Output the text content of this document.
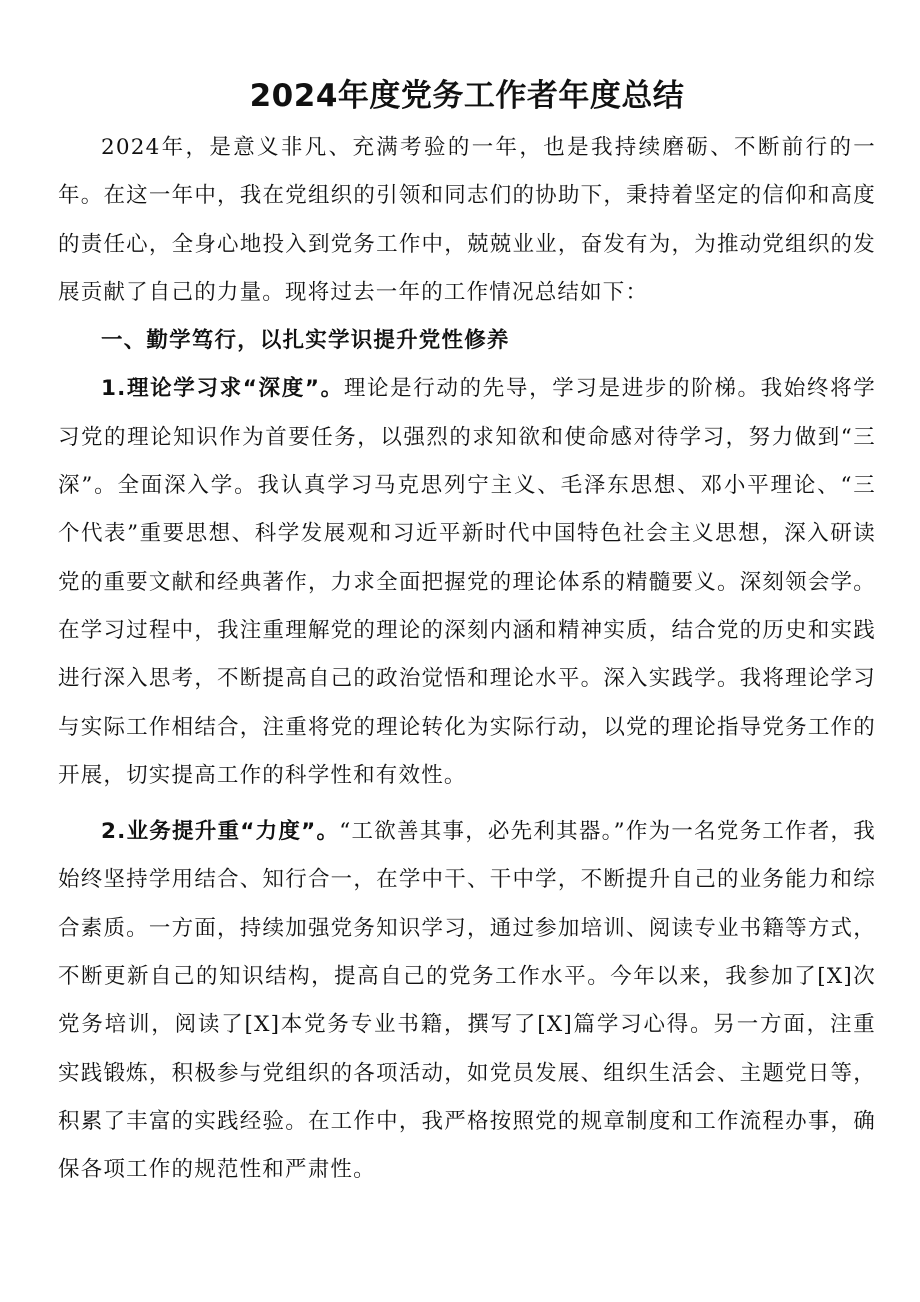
2024年度党务工作者年度总结

2024年，是意义非凡、充满考验的一年，也是我持续磨砺、不断前行的一年。在这一年中，我在党组织的引领和同志们的协助下，秉持着坚定的信仰和高度的责任心，全身心地投入到党务工作中，兢兢业业，奋发有为，为推动党组织的发展贡献了自己的力量。现将过去一年的工作情况总结如下：

一、勤学笃行，以扎实学识提升党性修养

1.理论学习求“深度”。理论是行动的先导，学习是进步的阶梯。我始终将学习党的理论知识作为首要任务，以强烈的求知欲和使命感对待学习，努力做到“三深”。全面深入学。我认真学习马克思列宁主义、毛泽东思想、邓小平理论、“三个代表”重要思想、科学发展观和习近平新时代中国特色社会主义思想，深入研读党的重要文献和经典著作，力求全面把握党的理论体系的精髓要义。深刻领会学。在学习过程中，我注重理解党的理论的深刻内涵和精神实质，结合党的历史和实践进行深入思考，不断提高自己的政治觉悟和理论水平。深入实践学。我将理论学习与实际工作相结合，注重将党的理论转化为实际行动，以党的理论指导党务工作的开展，切实提高工作的科学性和有效性。

2.业务提升重“力度”。“工欲善其事，必先利其器。”作为一名党务工作者，我始终坚持学用结合、知行合一，在学中干、干中学，不断提升自己的业务能力和综合素质。一方面，持续加强党务知识学习，通过参加培训、阅读专业书籍等方式，不断更新自己的知识结构，提高自己的党务工作水平。今年以来，我参加了[X]次党务培训，阅读了[X]本党务专业书籍，撰写了[X]篇学习心得。另一方面，注重实践锻炼，积极参与党组织的各项活动，如党员发展、组织生活会、主题党日等，积累了丰富的实践经验。在工作中，我严格按照党的规章制度和工作流程办事，确保各项工作的规范性和严肃性。
